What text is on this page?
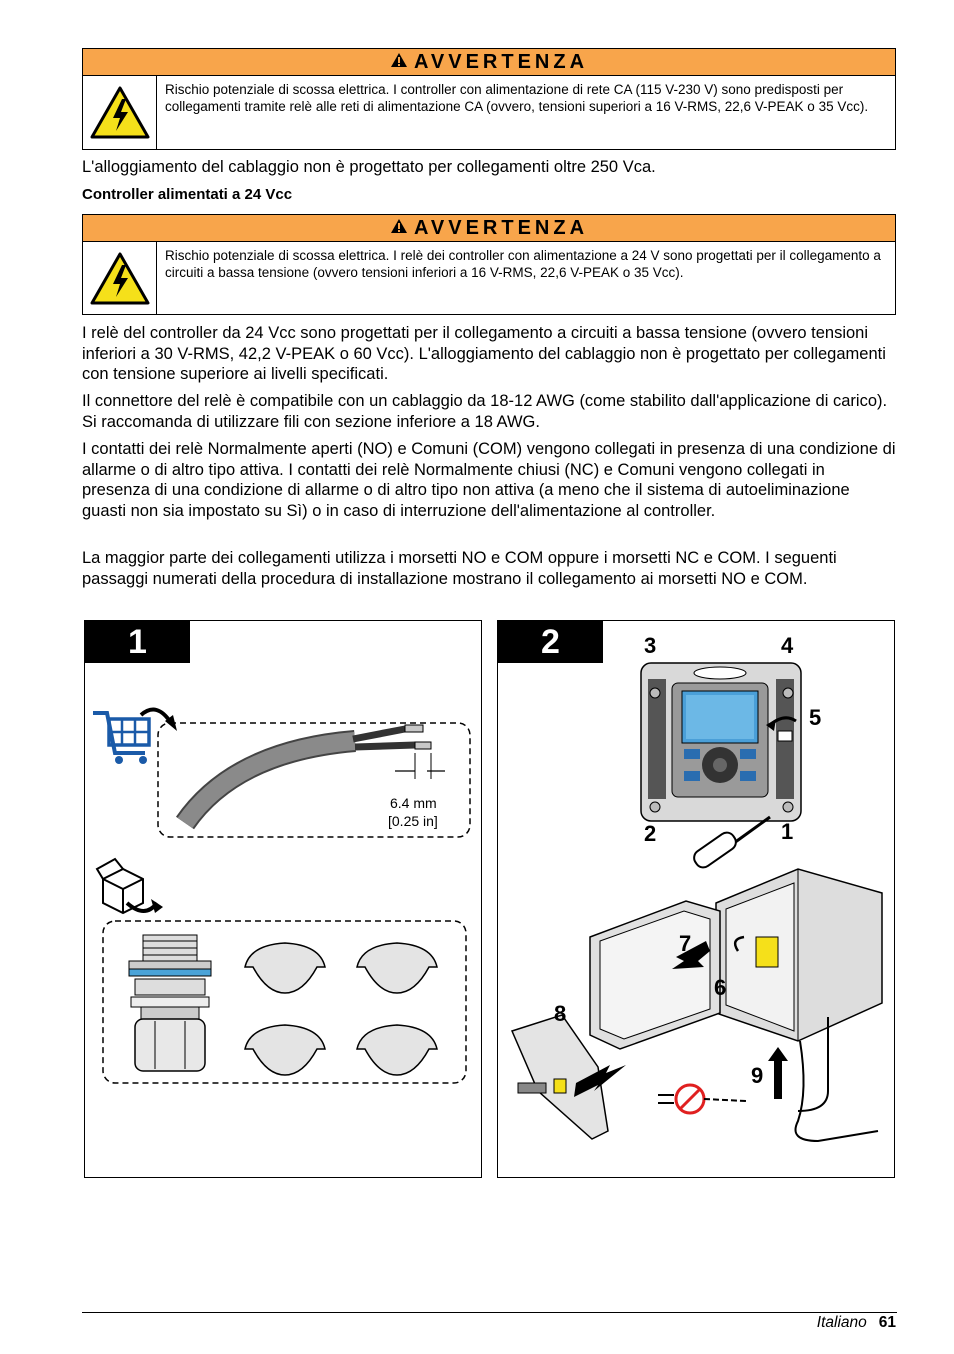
AVVERTENZA
Rischio potenziale di scossa elettrica. I controller con alimentazione di rete CA (115 V-230 V) sono predisposti per collegamenti tramite relè alle reti di alimentazione CA (ovvero, tensioni superiori a 16 V-RMS, 22,6 V-PEAK o 35 Vcc).

L'alloggiamento del cablaggio non è progettato per collegamenti oltre 250 Vca.

Controller alimentati a 24 Vcc

AVVERTENZA
Rischio potenziale di scossa elettrica. I relè dei controller con alimentazione a 24 V sono progettati per il collegamento a circuiti a bassa tensione (ovvero tensioni inferiori a 16 V-RMS, 22,6 V-PEAK o 35 Vcc).

I relè del controller da 24 Vcc sono progettati per il collegamento a circuiti a bassa tensione (ovvero tensioni inferiori a 30 V-RMS, 42,2 V-PEAK o 60 Vcc). L'alloggiamento del cablaggio non è progettato per collegamenti con tensione superiore ai livelli specificati.

Il connettore del relè è compatibile con un cablaggio da 18-12 AWG (come stabilito dall'applicazione di carico). Si raccomanda di utilizzare fili con sezione inferiore a 18 AWG.

I contatti dei relè Normalmente aperti (NO) e Comuni (COM) vengono collegati in presenza di una condizione di allarme o di altro tipo attiva. I contatti dei relè Normalmente chiusi (NC) e Comuni vengono collegati in presenza di una condizione di allarme o di altro tipo non attiva (a meno che il sistema di autoeliminazione guasti non sia impostato su Sì) o in caso di interruzione dell'alimentazione al controller.

La maggior parte dei collegamenti utilizza i morsetti NO e COM oppure i morsetti NC e COM. I seguenti passaggi numerati della procedura di installazione mostrano il collegamento ai morsetti NO e COM.

1
6.4 mm
[0.25 in]
2	3	4
5
2	1
7
6
8
9
Italiano 61
